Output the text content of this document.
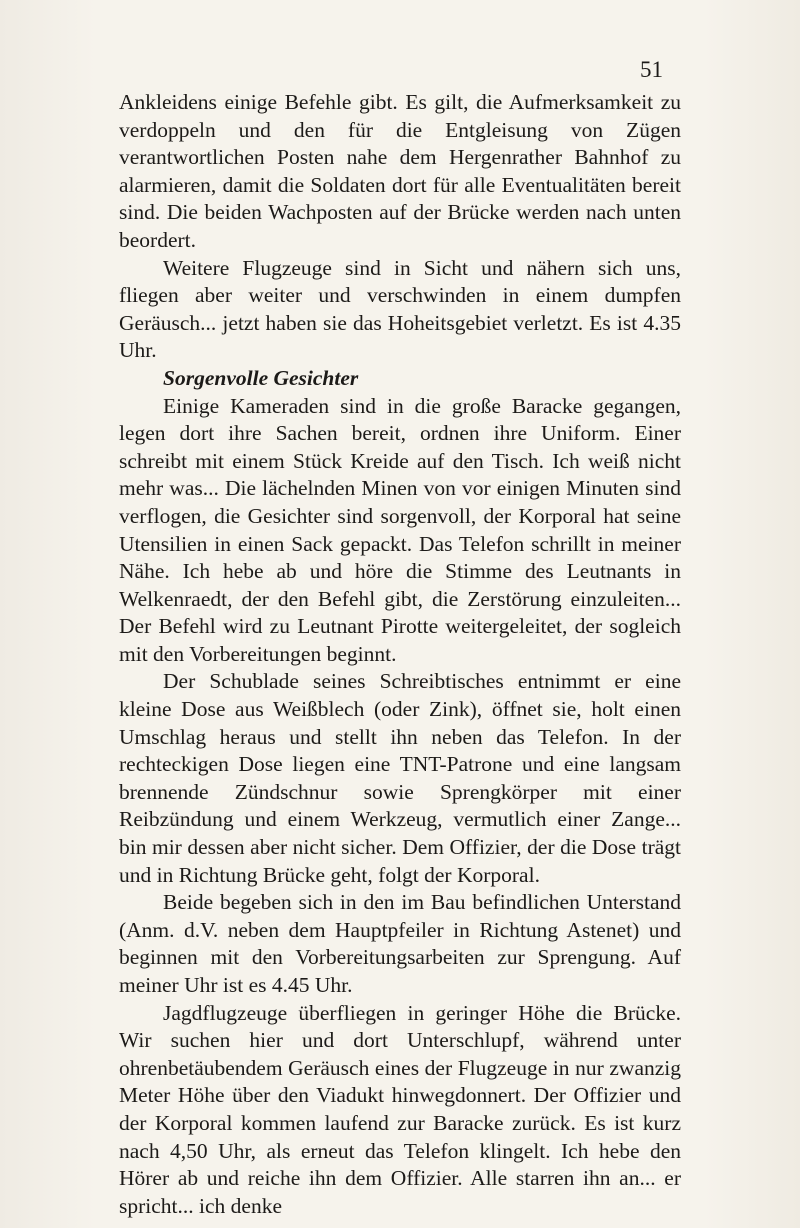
51

Ankleidens einige Befehle gibt. Es gilt, die Aufmerksamkeit zu verdoppeln und den für die Entgleisung von Zügen verantwortlichen Posten nahe dem Hergenrather Bahnhof zu alarmieren, damit die Soldaten dort für alle Eventualitäten bereit sind. Die beiden Wachposten auf der Brücke werden nach unten beordert.

Weitere Flugzeuge sind in Sicht und nähern sich uns, fliegen aber weiter und verschwinden in einem dumpfen Geräusch... jetzt haben sie das Hoheitsgebiet verletzt. Es ist 4.35 Uhr.

Sorgenvolle Gesichter

Einige Kameraden sind in die große Baracke gegangen, legen dort ihre Sachen bereit, ordnen ihre Uniform. Einer schreibt mit einem Stück Kreide auf den Tisch. Ich weiß nicht mehr was... Die lächelnden Minen von vor einigen Minuten sind verflogen, die Gesichter sind sorgenvoll, der Korporal hat seine Utensilien in einen Sack gepackt. Das Telefon schrillt in meiner Nähe. Ich hebe ab und höre die Stimme des Leutnants in Welkenraedt, der den Befehl gibt, die Zerstörung einzuleiten... Der Befehl wird zu Leutnant Pirotte weitergeleitet, der sogleich mit den Vorbereitungen beginnt.

Der Schublade seines Schreibtisches entnimmt er eine kleine Dose aus Weißblech (oder Zink), öffnet sie, holt einen Umschlag heraus und stellt ihn neben das Telefon. In der rechteckigen Dose liegen eine TNT-Patrone und eine langsam brennende Zündschnur sowie Sprengkörper mit einer Reibzündung und einem Werkzeug, vermutlich einer Zange... bin mir dessen aber nicht sicher. Dem Offizier, der die Dose trägt und in Richtung Brücke geht, folgt der Korporal.

Beide begeben sich in den im Bau befindlichen Unterstand (Anm. d.V. neben dem Hauptpfeiler in Richtung Astenet) und beginnen mit den Vorbereitungsarbeiten zur Sprengung. Auf meiner Uhr ist es 4.45 Uhr.

Jagdflugzeuge überfliegen in geringer Höhe die Brücke. Wir suchen hier und dort Unterschlupf, während unter ohrenbetäubendem Geräusch eines der Flugzeuge in nur zwanzig Meter Höhe über den Viadukt hinwegdonnert. Der Offizier und der Korporal kommen laufend zur Baracke zurück. Es ist kurz nach 4,50 Uhr, als erneut das Telefon klingelt. Ich hebe den Hörer ab und reiche ihn dem Offizier. Alle starren ihn an... er spricht... ich denke
